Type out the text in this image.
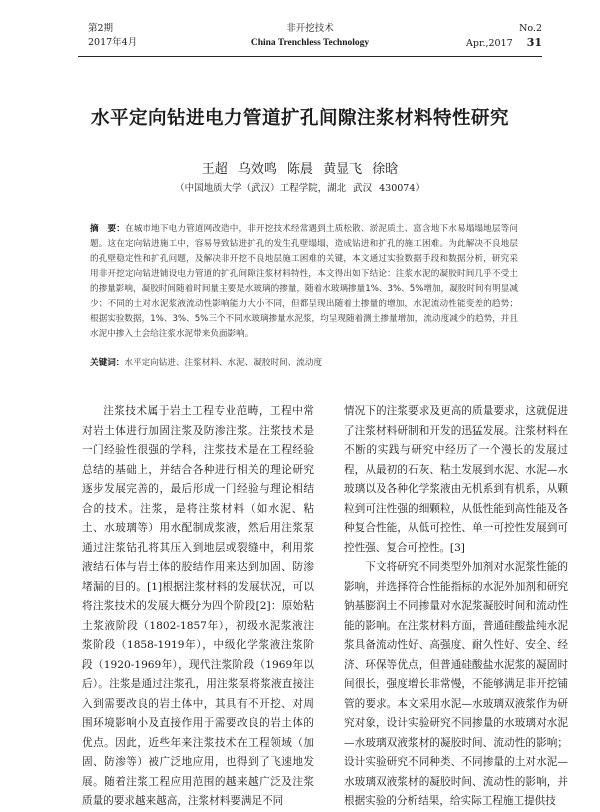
第2期
2017年4月
非开挖技术
China Trenchless Technology
No.2
Apr.,2017 31
水平定向钻进电力管道扩孔间隙注浆材料特性研究
王超 乌效鸣 陈晨 黄显飞 徐晗
（中国地质大学（武汉）工程学院，湖北 武汉 430074）
摘　要：在城市地下电力管道网改造中，非开挖技术经常遇到土质松散、淤泥质土、富含地下水易塌塌地层等问题。这在定向钻进施工中，容易导致钻进扩孔的发生孔壁塌塌，造成钻进和扩孔的施工困难。为此解决不良地层的孔壁稳定性和扩孔问题，及解决非开挖不良地层施工困难的关键，本文通过实验数据手段和数据分析，研究采用非开挖定向钻进铺设电力管道的扩孔间隙注浆材料特性，本文得出如下结论：注浆水泥的凝胶时间几乎不受土的掺量影响，凝胶时间随着时间量主要是水玻璃的掺量，随着水玻璃掺量1%、3%、5%增加，凝胶时间有明显减少；不同的土对水泥浆液流动性影响能力大小不同，但都呈现出随着土掺量的增加，水泥流动性能变差的趋势；根据实验数据，1%、3%、5%三个不同水玻璃掺量水泥浆，均呈现随着测土掺量增加，流动度减少的趋势，并且水泥中掺入土会给注浆水泥带来负面影响。
关键词：水平定向钻进、注浆材料、水泥、凝胶时间、流动度

注浆技术属于岩土工程专业范畴，工程中常对岩土体进行加固注浆及防渗注浆。注浆技术是一门经验性很强的学科，注浆技术是在工程经验总结的基础上，并结合各种进行相关的理论研究逐步发展完善的，最后形成一门经验与理论相结合的技术。注浆，是将注浆材料（如水泥、粘土、水玻璃等）用水配制成浆液，然后用注浆泵通过注浆钻孔将其压入到地层或裂缝中，利用浆液结石体与岩土体的胶结作用来达到加固、防渗堵漏的目的。[1]根据注浆材料的发展状况，可以将注浆技术的发展大概分为四个阶段[2]：原始粘土浆液阶段（1802-1857年），初级水泥浆液注浆阶段（1858-1919年），中级化学浆液注浆阶段（1920-1969年），现代注浆阶段（1969年以后）。注浆是通过注浆孔，用注浆泵将浆液直接注入到需要改良的岩土体中，其具有不开挖、对周围环境影响小及直接作用于需要改良的岩土体的优点。因此，近些年来注浆技术在工程领域（加固、防渗等）被广泛地应用，也得到了飞速地发展。随着注浆工程应用范围的越来越广泛及注浆质量的要求越来越高，注浆材料要满足不同

情况下的注浆要求及更高的质量要求，这就促进了注浆材料研制和开发的迅猛发展。注浆材料在不断的实践与研究中经历了一个漫长的发展过程，从最初的石灰、粘土发展到水泥、水泥—水玻璃以及各种化学浆液由无机系到有机系，从颗粒到可注性强的细颗粒，从低性能到高性能及各种复合性能，从低可控性、单一可控性发展到可控性强、复合可控性。[3]

下文将研究不同类型外加剂对水泥浆性能的影响，并选择符合性能指标的水泥外加剂和研究钠基膨润土不同掺量对水泥浆凝胶时间和流动性能的影响。在注浆材料方面，普通硅酸盐纯水泥浆具备流动性好、高强度、耐久性好、安全、经济、环保等优点，但普通硅酸盐水泥浆的凝固时间很长，强度增长非常慢，不能够满足非开挖铺管的要求。本文采用水泥—水玻璃双液浆作为研究对象，设计实验研究不同掺量的水玻璃对水泥—水玻璃双液浆材的凝胶时间、流动性的影响；设计实验研究不同种类、不同掺量的土对水泥—水玻璃双液浆材的凝胶时间、流动性的影响，并根据实验的分析结果，给实际工程施工提供技
